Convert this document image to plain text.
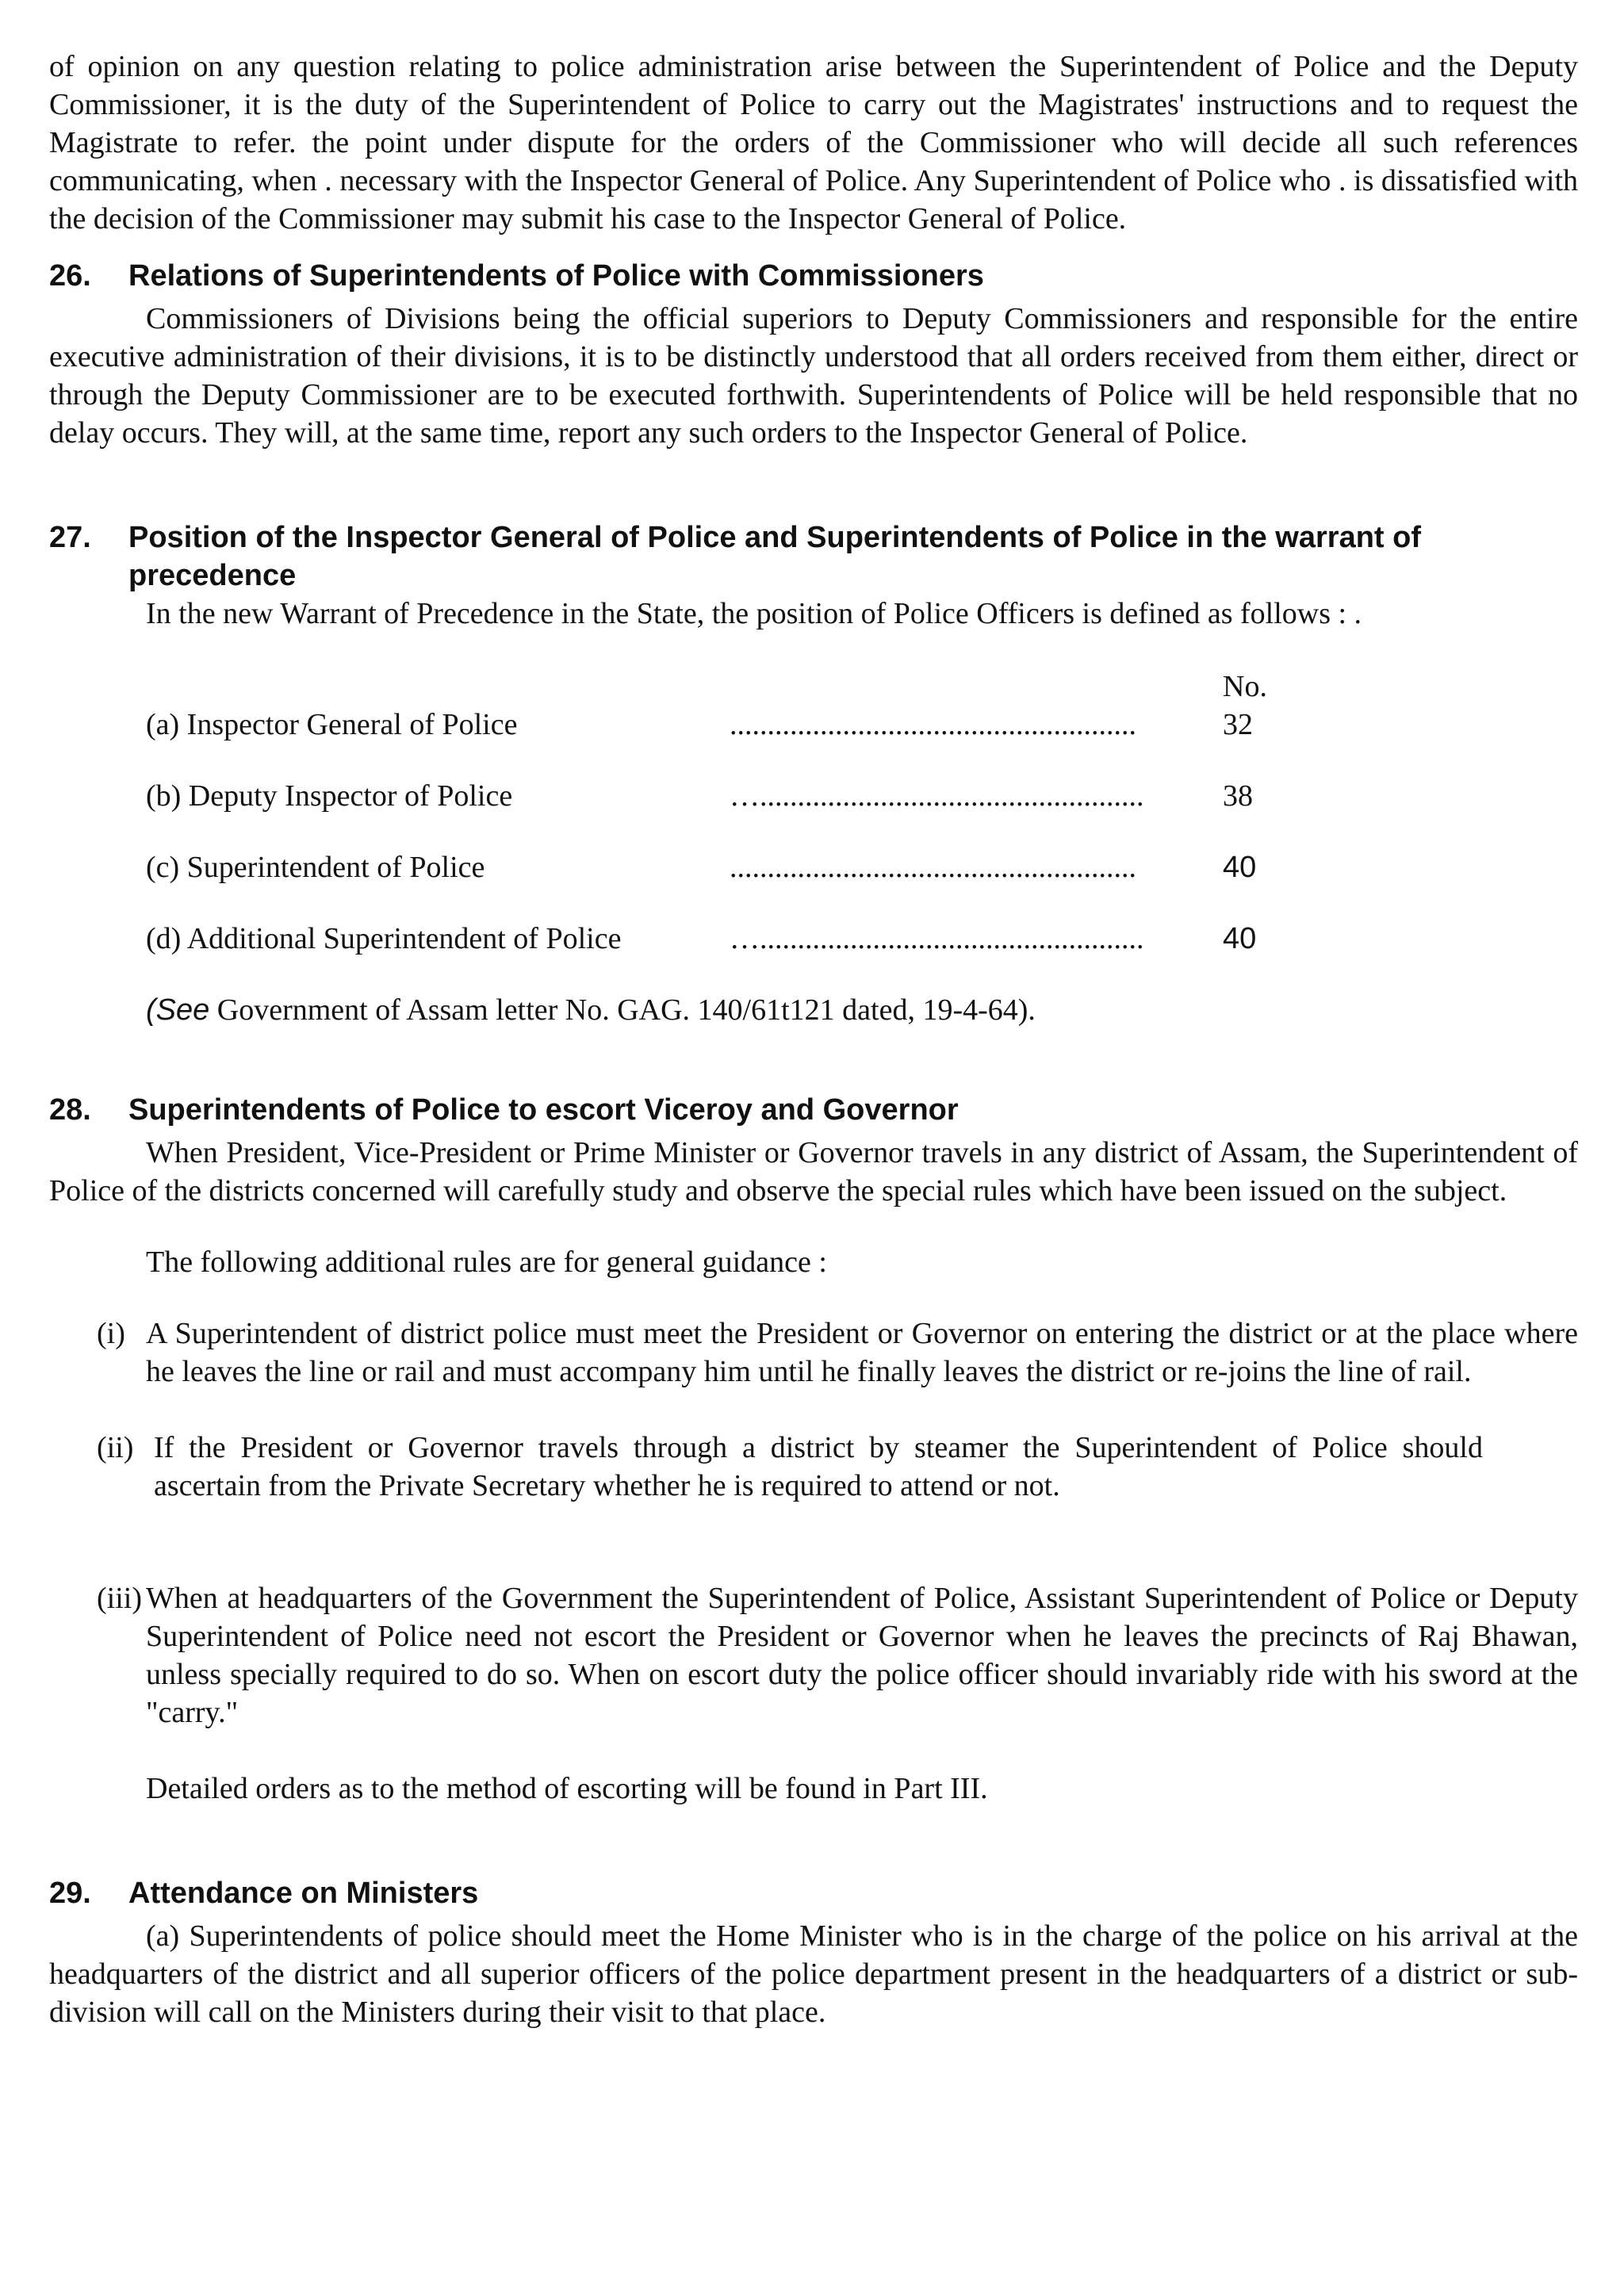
of opinion on any question relating to police administration arise between the Superintendent of Police and the Deputy Commissioner, it is the duty of the Superintendent of Police to carry out the Magistrates' instructions and to request the Magistrate to refer. the point under dispute for the orders of the Commissioner who will decide all such references communicating, when . necessary with the Inspector General of Police. Any Superintendent of Police who . is dissatisfied with the decision of the Commissioner may submit his case to the Inspector General of Police.

26.	Relations of Superintendents of Police with Commissioners

Commissioners of Divisions being the official superiors to Deputy Commissioners and responsible for the entire executive administration of their divisions, it is to be distinctly understood that all orders received from them either, direct or through the Deputy Commissioner are to be executed forthwith. Superintendents of Police will be held responsible that no delay occurs. They will, at the same time, report any such orders to the Inspector General of Police.

27.	Position of the Inspector General of Police and Superintendents of Police in the warrant of precedence

In the new Warrant of Precedence in the State, the position of Police Officers is defined as follows : .

No.
(a) Inspector General of Police	......................................................	32
(b) Deputy Inspector of Police	…...................................................	38
(c) Superintendent of Police	......................................................	40
(d) Additional Superintendent of Police	…...................................................	40

(See Government of Assam letter No. GAG. 140/61t121 dated, 19-4-64).

28.	Superintendents of Police to escort Viceroy and Governor

When President, Vice-President or Prime Minister or Governor travels in any district of Assam, the Superintendent of Police of the districts concerned will carefully study and observe the special rules which have been issued on the subject.

The following additional rules are for general guidance :

(i) A Superintendent of district police must meet the President or Governor on entering the district or at the place where he leaves the line or rail and must accompany him until he finally leaves the district or re-joins the line of rail.
(ii) If the President or Governor travels through a district by steamer the Superintendent of Police should ascertain from the Private Secretary whether he is required to attend or not.
(iii) When at headquarters of the Government the Superintendent of Police, Assistant Superintendent of Police or Deputy Superintendent of Police need not escort the President or Governor when he leaves the precincts of Raj Bhawan, unless specially required to do so. When on escort duty the police officer should invariably ride with his sword at the "carry."

Detailed orders as to the method of escorting will be found in Part III.

29.	Attendance on Ministers

(a) Superintendents of police should meet the Home Minister who is in the charge of the police on his arrival at the headquarters of the district and all superior officers of the police department present in the headquarters of a district or sub-division will call on the Ministers during their visit to that place.
